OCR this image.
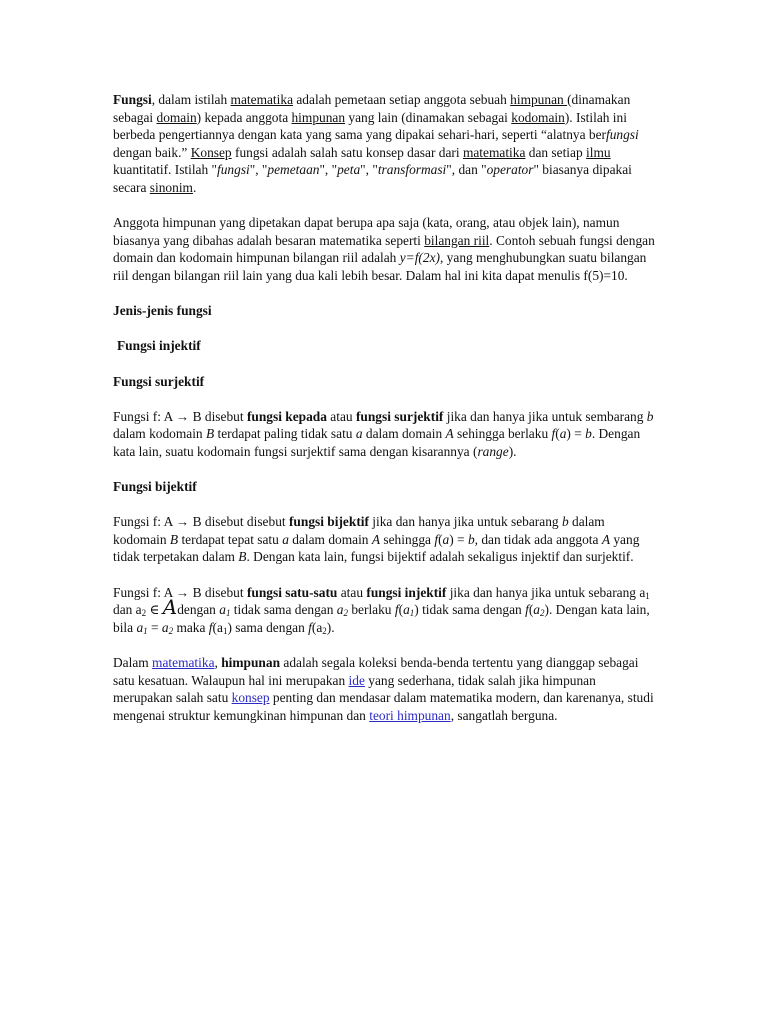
Fungsi, dalam istilah matematika adalah pemetaan setiap anggota sebuah himpunan (dinamakan sebagai domain) kepada anggota himpunan yang lain (dinamakan sebagai kodomain). Istilah ini berbeda pengertiannya dengan kata yang sama yang dipakai sehari-hari, seperti “alatnya berfungsi dengan baik.” Konsep fungsi adalah salah satu konsep dasar dari matematika dan setiap ilmu kuantitatif. Istilah "fungsi", "pemetaan", "peta", "transformasi", dan "operator" biasanya dipakai secara sinonim.

Anggota himpunan yang dipetakan dapat berupa apa saja (kata, orang, atau objek lain), namun biasanya yang dibahas adalah besaran matematika seperti bilangan riil. Contoh sebuah fungsi dengan domain dan kodomain himpunan bilangan riil adalah y=f(2x), yang menghubungkan suatu bilangan riil dengan bilangan riil lain yang dua kali lebih besar. Dalam hal ini kita dapat menulis f(5)=10.

Jenis-jenis fungsi

Fungsi injektif

Fungsi surjektif

Fungsi f: A → B disebut fungsi kepada atau fungsi surjektif jika dan hanya jika untuk sembarang b dalam kodomain B terdapat paling tidak satu a dalam domain A sehingga berlaku f(a) = b. Dengan kata lain, suatu kodomain fungsi surjektif sama dengan kisarannya (range).

Fungsi bijektif

Fungsi f: A → B disebut disebut fungsi bijektif jika dan hanya jika untuk sebarang b dalam kodomain B terdapat tepat satu a dalam domain A sehingga f(a) = b, dan tidak ada anggota A yang tidak terpetakan dalam B. Dengan kata lain, fungsi bijektif adalah sekaligus injektif dan surjektif.

Fungsi f: A → B disebut fungsi satu-satu atau fungsi injektif jika dan hanya jika untuk sebarang $a_1$ dan $a_2$ ∈ Adengan $a_1$ tidak sama dengan $a_2$ berlaku $f(a_1)$ tidak sama dengan $f(a_2)$. Dengan kata lain, bila $a_1 = a_2$ maka $f(a_1)$ sama dengan $f(a_2)$.

Dalam matematika, himpunan adalah segala koleksi benda-benda tertentu yang dianggap sebagai satu kesatuan. Walaupun hal ini merupakan ide yang sederhana, tidak salah jika himpunan merupakan salah satu konsep penting dan mendasar dalam matematika modern, dan karenanya, studi mengenai struktur kemungkinan himpunan dan teori himpunan, sangatlah berguna.
